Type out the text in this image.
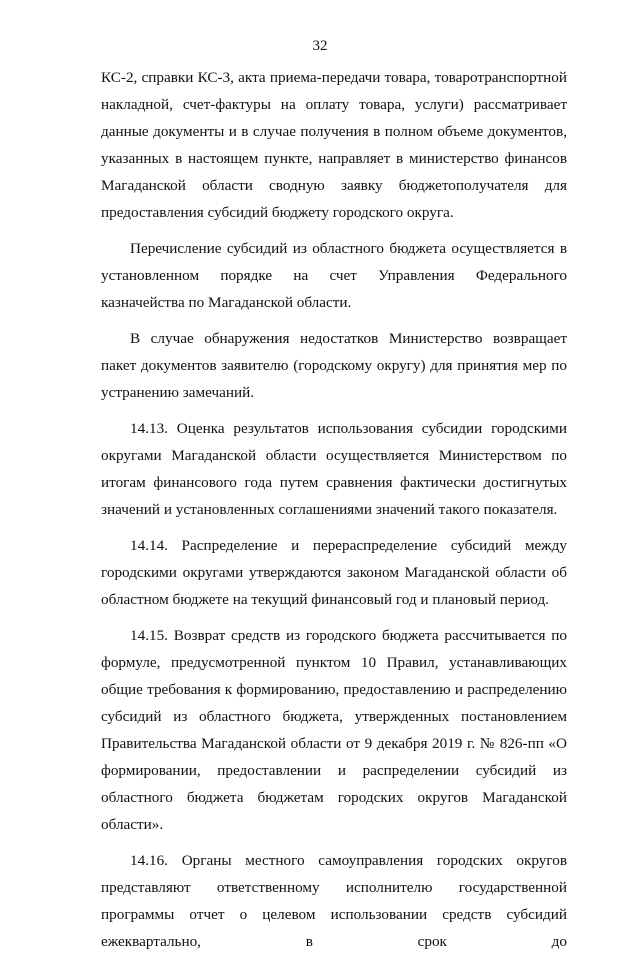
32

КС-2, справки КС-3, акта приема-передачи товара, товаротранспортной накладной, счет-фактуры на оплату товара, услуги) рассматривает данные документы и в случае получения в полном объеме документов, указанных в настоящем пункте, направляет в министерство финансов Магаданской области сводную заявку бюджетополучателя для предоставления субсидий бюджету городского округа.

Перечисление субсидий из областного бюджета осуществляется в установленном порядке на счет Управления Федерального казначейства по Магаданской области.

В случае обнаружения недостатков Министерство возвращает пакет документов заявителю (городскому округу) для принятия мер по устранению замечаний.

14.13. Оценка результатов использования субсидии городскими округами Магаданской области осуществляется Министерством по итогам финансового года путем сравнения фактически достигнутых значений и установленных соглашениями значений такого показателя.

14.14. Распределение и перераспределение субсидий между городскими округами утверждаются законом Магаданской области об областном бюджете на текущий финансовый год и плановый период.

14.15. Возврат средств из городского бюджета рассчитывается по формуле, предусмотренной пунктом 10 Правил, устанавливающих общие требования к формированию, предоставлению и распределению субсидий из областного бюджета, утвержденных постановлением Правительства Магаданской области от 9 декабря 2019 г. № 826-пп «О формировании, предоставлении и распределении субсидий из областного бюджета бюджетам городских округов Магаданской области».

14.16. Органы местного самоуправления городских округов представляют ответственному исполнителю государственной программы отчет о целевом использовании средств субсидий ежеквартально, в срок до
